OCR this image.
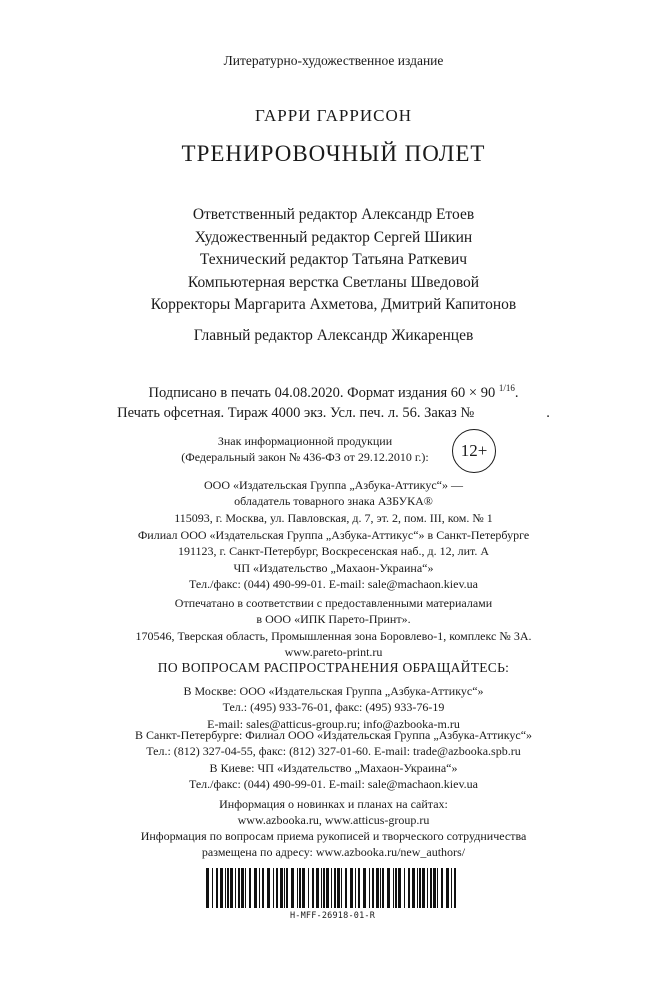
Литературно-художественное издание
ГАРРИ ГАРРИСОН
ТРЕНИРОВОЧНЫЙ ПОЛЕТ
Ответственный редактор Александр Етоев
Художественный редактор Сергей Шикин
Технический редактор Татьяна Раткевич
Компьютерная верстка Светланы Шведовой
Корректоры Маргарита Ахметова, Дмитрий Капитонов
Главный редактор Александр Жикаренцев
Подписано в печать 04.08.2020. Формат издания 60 × 90 $^{1/16}$.
Печать офсетная. Тираж 4000 экз. Усл. печ. л. 56. Заказ №	.
Знак информационной продукции
(Федеральный закон № 436-ФЗ от 29.12.2010 г.):	12+
ООО «Издательская Группа „Азбука-Аттикус“» —
обладатель товарного знака АЗБУКА®
115093, г. Москва, ул. Павловская, д. 7, эт. 2, пом. III, ком. № 1
Филиал ООО «Издательская Группа „Азбука-Аттикус“» в Санкт-Петербурге
191123, г. Санкт-Петербург, Воскресенская наб., д. 12, лит. А
ЧП «Издательство „Махаон-Украина“»
Тел./факс: (044) 490-99-01. E-mail: sale@machaon.kiev.ua
Отпечатано в соответствии с предоставленными материалами
в ООО «ИПК Парето-Принт».
170546, Тверская область, Промышленная зона Боровлево-1, комплекс № 3А.
www.pareto-print.ru
ПО ВОПРОСАМ РАСПРОСТРАНЕНИЯ ОБРАЩАЙТЕСЬ:
В Москве: ООО «Издательская Группа „Азбука-Аттикус“»
Тел.: (495) 933-76-01, факс: (495) 933-76-19
E-mail: sales@atticus-group.ru; info@azbooka-m.ru
В Санкт-Петербурге: Филиал ООО «Издательская Группа „Азбука-Аттикус“»
Тел.: (812) 327-04-55, факс: (812) 327-01-60. E-mail: trade@azbooka.spb.ru
В Киеве: ЧП «Издательство „Махаон-Украина“»
Тел./факс: (044) 490-99-01. E-mail: sale@machaon.kiev.ua
Информация о новинках и планах на сайтах:
www.azbooka.ru, www.atticus-group.ru
Информация по вопросам приема рукописей и творческого сотрудничества
размещена по адресу: www.azbooka.ru/new_authors/
H-MFF-26918-01-R
